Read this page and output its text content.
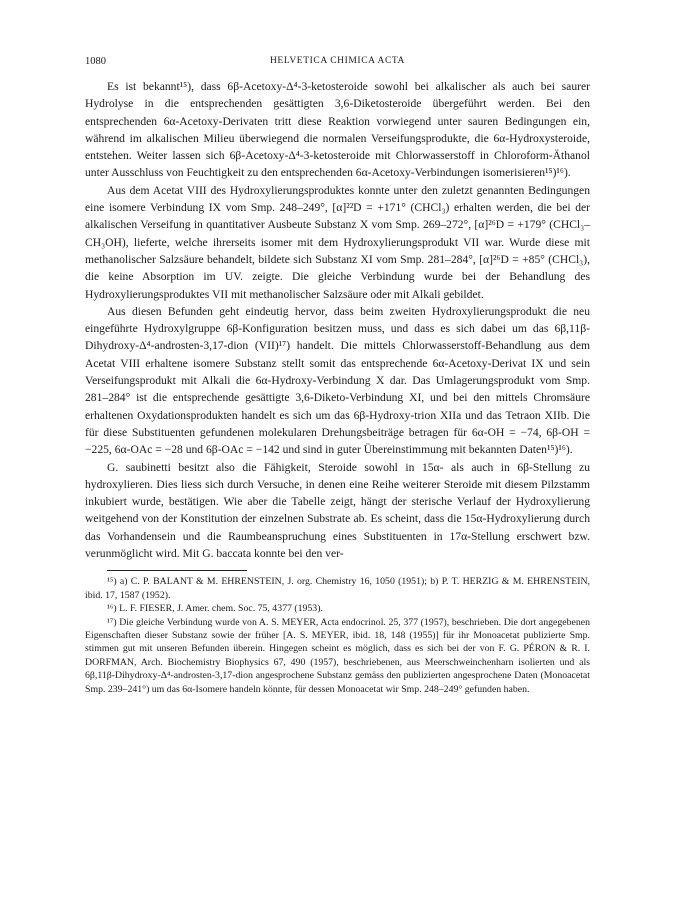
1080	HELVETICA CHIMICA ACTA

Es ist bekannt¹⁵), dass 6β-Acetoxy-Δ⁴-3-ketosteroide sowohl bei alkalischer als auch bei saurer Hydrolyse in die entsprechenden gesättigten 3,6-Diketosteroide übergeführt werden. Bei den entsprechenden 6α-Acetoxy-Derivaten tritt diese Reaktion vorwiegend unter sauren Bedingungen ein, während im alkalischen Milieu überwiegend die normalen Verseifungsprodukte, die 6α-Hydroxysteroide, entstehen. Weiter lassen sich 6β-Acetoxy-Δ⁴-3-ketosteroide mit Chlorwasserstoff in Chloroform-Äthanol unter Ausschluss von Feuchtigkeit zu den entsprechenden 6α-Acetoxy-Verbindungen isomerisieren¹⁵)¹⁶).

Aus dem Acetat VIII des Hydroxylierungsproduktes konnte unter den zuletzt genannten Bedingungen eine isomere Verbindung IX vom Smp. 248–249°, [α]²²D = +171° (CHCl₃) erhalten werden, die bei der alkalischen Verseifung in quantitativer Ausbeute Substanz X vom Smp. 269–272°, [α]²⁶D = +179° (CHCl₃–CH₃OH), lieferte, welche ihrerseits isomer mit dem Hydroxylierungsprodukt VII war. Wurde diese mit methanolischer Salzsäure behandelt, bildete sich Substanz XI vom Smp. 281–284°, [α]²⁶D = +85° (CHCl₃), die keine Absorption im UV. zeigte. Die gleiche Verbindung wurde bei der Behandlung des Hydroxylierungsproduktes VII mit methanolischer Salzsäure oder mit Alkali gebildet.

Aus diesen Befunden geht eindeutig hervor, dass beim zweiten Hydroxylierungsprodukt die neu eingeführte Hydroxylgruppe 6β-Konfiguration besitzen muss, und dass es sich dabei um das 6β,11β-Dihydroxy-Δ⁴-androsten-3,17-dion (VII)¹⁷) handelt. Die mittels Chlorwasserstoff-Behandlung aus dem Acetat VIII erhaltene isomere Substanz stellt somit das entsprechende 6α-Acetoxy-Derivat IX und sein Verseifungsprodukt mit Alkali die 6α-Hydroxy-Verbindung X dar. Das Umlagerungsprodukt vom Smp. 281–284° ist die entsprechende gesättigte 3,6-Diketo-Verbindung XI, und bei den mittels Chromsäure erhaltenen Oxydationsprodukten handelt es sich um das 6β-Hydroxy-trion XIIa und das Tetraon XIIb. Die für diese Substituenten gefundenen molekularen Drehungsbeiträge betragen für 6α-OH = −74, 6β-OH = −225, 6α-OAc = −28 und 6β-OAc = −142 und sind in guter Übereinstimmung mit bekannten Daten¹⁵)¹⁶).

G. saubinetti besitzt also die Fähigkeit, Steroide sowohl in 15α- als auch in 6β-Stellung zu hydroxylieren. Dies liess sich durch Versuche, in denen eine Reihe weiterer Steroide mit diesem Pilzstamm inkubiert wurde, bestätigen. Wie aber die Tabelle zeigt, hängt der sterische Verlauf der Hydroxylierung weitgehend von der Konstitution der einzelnen Substrate ab. Es scheint, dass die 15α-Hydroxylierung durch das Vorhandensein und die Raumbeanspruchung eines Substituenten in 17α-Stellung erschwert bzw. verunmöglicht wird. Mit G. baccata konnte bei den ver-

¹⁵) a) C. P. BALANT & M. EHRENSTEIN, J. org. Chemistry 16, 1050 (1951); b) P. T. HERZIG & M. EHRENSTEIN, ibid. 17, 1587 (1952).

¹⁶) L. F. FIESER, J. Amer. chem. Soc. 75, 4377 (1953).

¹⁷) Die gleiche Verbindung wurde von A. S. MEYER, Acta endocrinol. 25, 377 (1957), beschrieben. Die dort angegebenen Eigenschaften dieser Substanz sowie der früher [A. S. MEYER, ibid. 18, 148 (1955)] für ihr Monoacetat publizierte Smp. stimmen gut mit unseren Befunden überein. Hingegen scheint es möglich, dass es sich bei der von F. G. PÉRON & R. I. DORFMAN, Arch. Biochemistry Biophysics 67, 490 (1957), beschriebenen, aus Meerschweinchenharn isolierten und als 6β,11β-Dihydroxy-Δ⁴-androsten-3,17-dion angesprochene Substanz gemäss den publizierten angesprochene Daten (Monoacetat Smp. 239–241°) um das 6α-Isomere handeln könnte, für dessen Monoacetat wir Smp. 248–249° gefunden haben.
